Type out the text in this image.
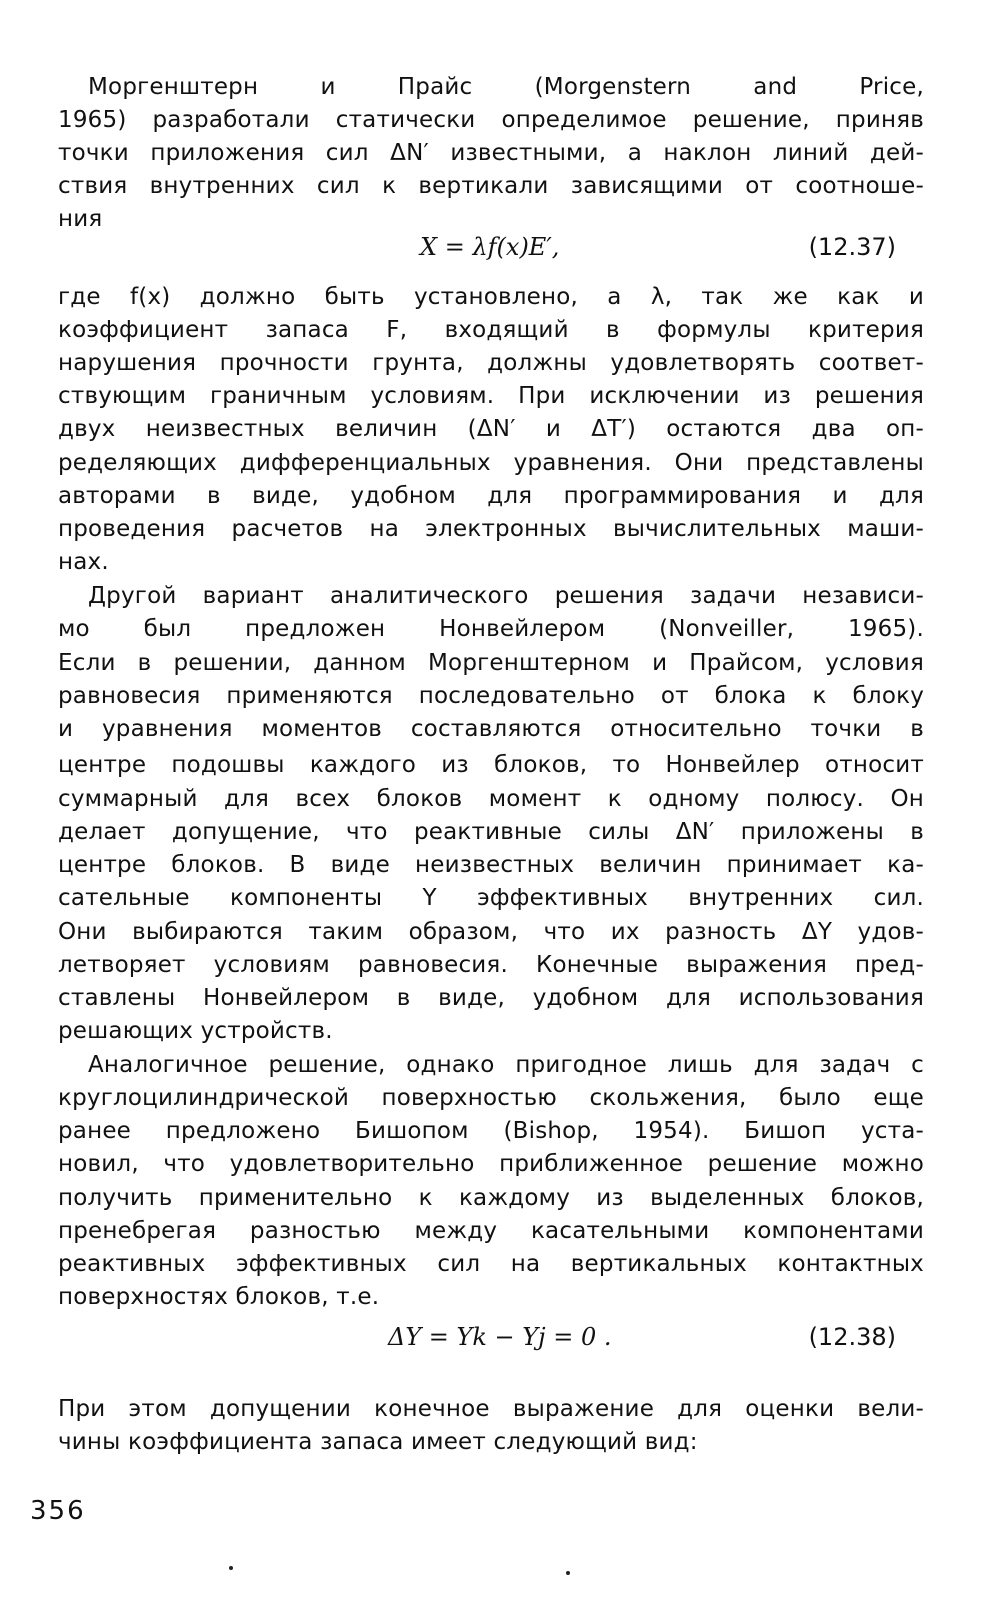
Моргенштерн и Прайс (Morgenstern and Price,
1965) разработали статически определимое решение, приняв
точки приложения сил ΔN′ известными, а наклон линий дей-
ствия внутренних сил к вертикали зависящими от соотноше-
ния
X = λf(x)E′,	(12.37)
где f(x) должно быть установлено, а λ, так же как и
коэффициент запаса F, входящий в формулы критерия
нарушения прочности грунта, должны удовлетворять соответ-
ствующим граничным условиям. При исключении из решения
двух неизвестных величин (ΔN′ и ΔT′) остаются два оп-
ределяющих дифференциальных уравнения. Они представлены
авторами в виде, удобном для программирования и для
проведения расчетов на электронных вычислительных маши-
нах.
Другой вариант аналитического решения задачи независи-
мо был предложен Нонвейлером (Nonveiller, 1965).
Если в решении, данном Моргенштерном и Прайсом, условия
равновесия применяются последовательно от блока к блоку
и уравнения моментов составляются относительно точки в
центре подошвы каждого из блоков, то Нонвейлер относит
суммарный для всех блоков момент к одному полюсу. Он
делает допущение, что реактивные силы ΔN′ приложены в
центре блоков. В виде неизвестных величин принимает ка-
сательные компоненты Y эффективных внутренних сил.
Они выбираются таким образом, что их разность ΔY удов-
летворяет условиям равновесия. Конечные выражения пред-
ставлены Нонвейлером в виде, удобном для использования
решающих устройств.
Аналогичное решение, однако пригодное лишь для задач с
круглоцилиндрической поверхностью скольжения, было еще
ранее предложено Бишопом (Bishop, 1954). Бишоп уста-
новил, что удовлетворительно приближенное решение можно
получить применительно к каждому из выделенных блоков,
пренебрегая разностью между касательными компонентами
реактивных эффективных сил на вертикальных контактных
поверхностях блоков, т.е.
ΔY = Yk − Yj = 0 .	(12.38)
При этом допущении конечное выражение для оценки вели-
чины коэффициента запаса имеет следующий вид:
356
